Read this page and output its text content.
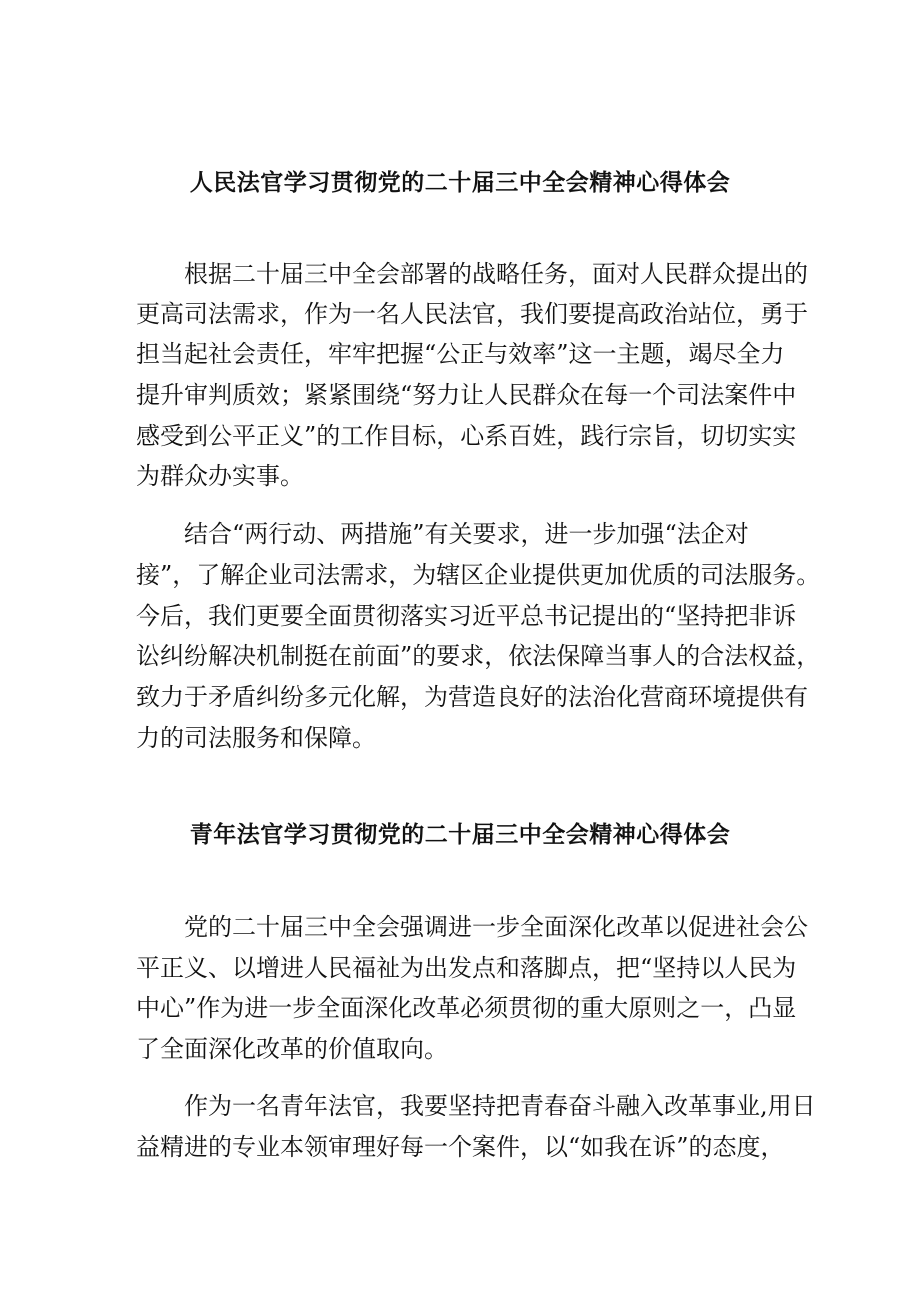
人民法官学习贯彻党的二十届三中全会精神心得体会
根据二十届三中全会部署的战略任务，面对人民群众提出的
更高司法需求，作为一名人民法官，我们要提高政治站位，勇于
担当起社会责任，牢牢把握“公正与效率”这一主题，竭尽全力
提升审判质效；紧紧围绕“努力让人民群众在每一个司法案件中
感受到公平正义”的工作目标，心系百姓，践行宗旨，切切实实
为群众办实事。
结合“两行动、两措施”有关要求，进一步加强“法企对
接”，了解企业司法需求，为辖区企业提供更加优质的司法服务。
今后，我们更要全面贯彻落实习近平总书记提出的“坚持把非诉
讼纠纷解决机制挺在前面”的要求，依法保障当事人的合法权益，
致力于矛盾纠纷多元化解，为营造良好的法治化营商环境提供有
力的司法服务和保障。
青年法官学习贯彻党的二十届三中全会精神心得体会
党的二十届三中全会强调进一步全面深化改革以促进社会公
平正义、以增进人民福祉为出发点和落脚点，把“坚持以人民为
中心”作为进一步全面深化改革必须贯彻的重大原则之一，凸显
了全面深化改革的价值取向。
作为一名青年法官，我要坚持把青春奋斗融入改革事业,用日
益精进的专业本领审理好每一个案件，以“如我在诉”的态度，
